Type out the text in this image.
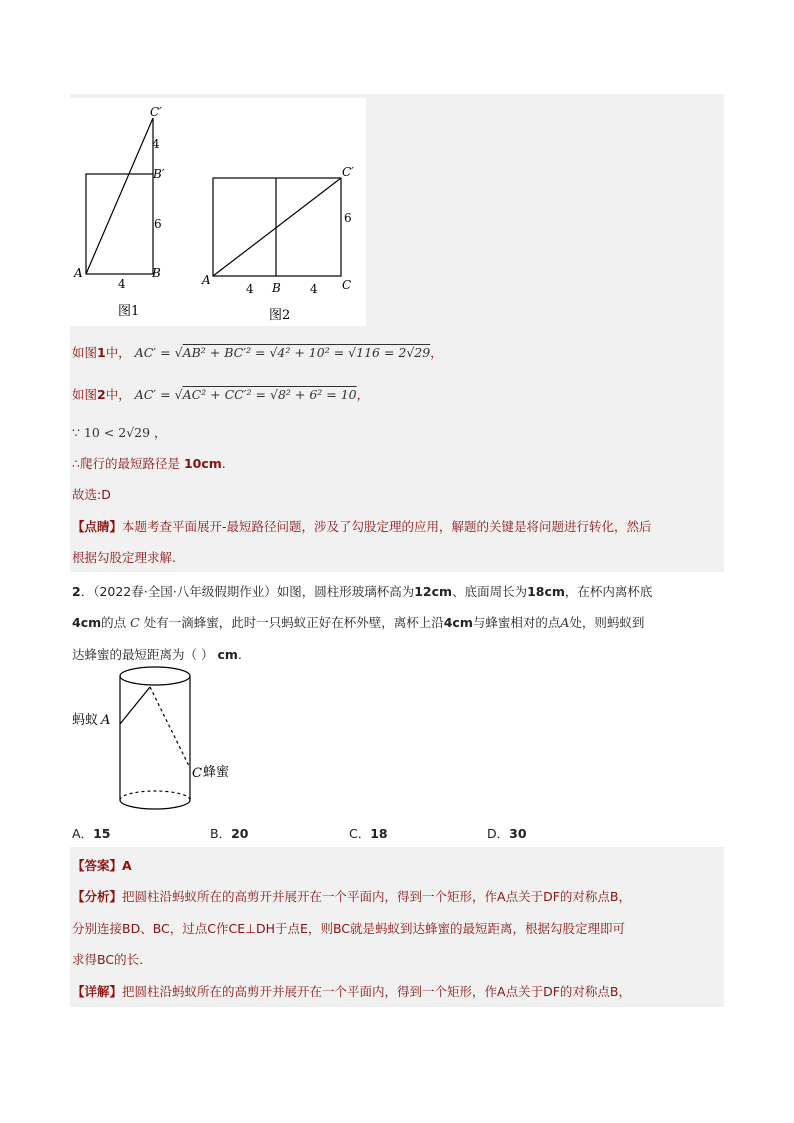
C′
B′
A	B
4
6
4
图1
C′
6
A
B	C
4	4
图2
如图1中， AC′ = √AB² + BC′² = √4² + 10² = √116 = 2√29，
如图2中， AC′ = √AC² + CC′² = √8² + 6² = 10，
∵ 10 < 2√29 ，
∴爬行的最短路径是 10cm.
故选:D
【点睛】本题考查平面展开-最短路径问题，涉及了勾股定理的应用，解题的关键是将问题进行转化，然后
根据勾股定理求解.
2．（2022春·全国·八年级假期作业）如图，圆柱形玻璃杯高为12cm、底面周长为18cm，在杯内离杯底
4cm的点 C 处有一滴蜂蜜，此时一只蚂蚁正好在杯外壁，离杯上沿4cm与蜂蜜相对的点A处，则蚂蚁到
达蜂蜜的最短距离为（ ） cm.
蚂蚁 A
C 蜂蜜
A．15	B．20	C．18	D．30
【答案】A
【分析】把圆柱沿蚂蚁所在的高剪开并展开在一个平面内，得到一个矩形，作A点关于DF的对称点B，
分别连接BD、BC，过点C作CE⊥DH于点E，则BC就是蚂蚁到达蜂蜜的最短距离，根据勾股定理即可
求得BC的长.
【详解】把圆柱沿蚂蚁所在的高剪开并展开在一个平面内，得到一个矩形，作A点关于DF的对称点B，
